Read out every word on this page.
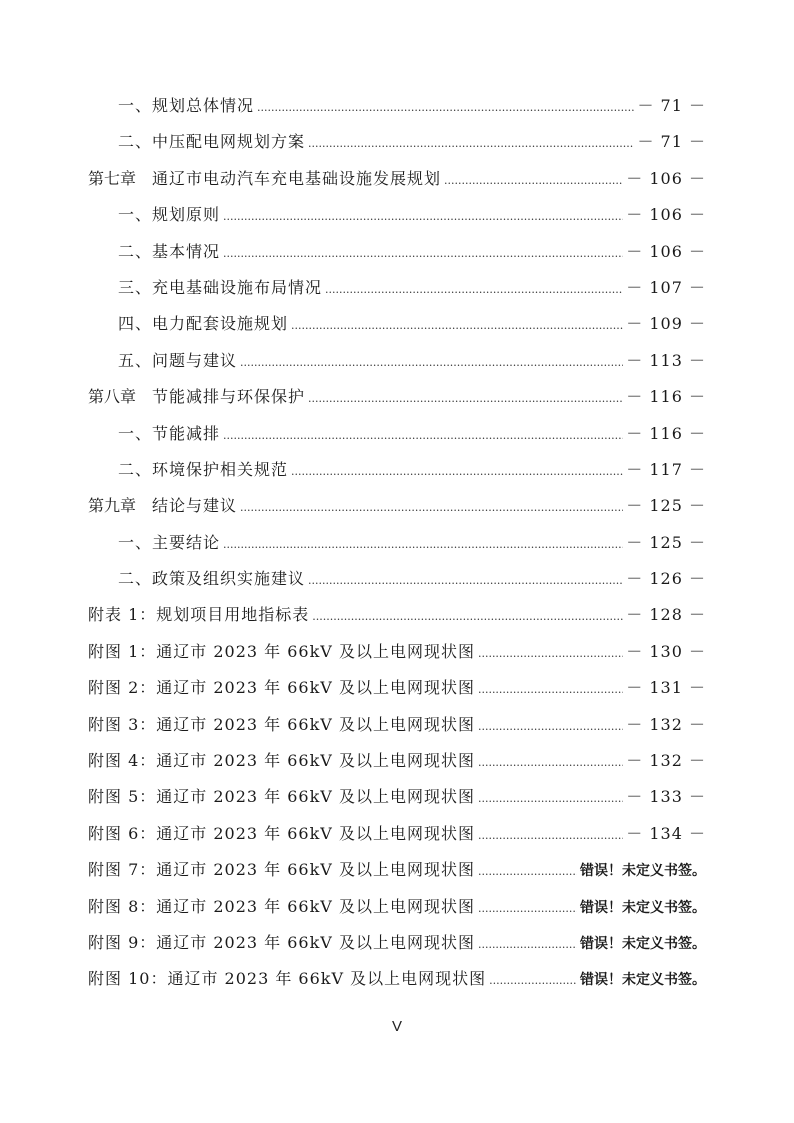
一、规划总体情况 .....	－ 71 －
二、中压配电网规划方案 .....	－ 71 －
第七章 通辽市电动汽车充电基础设施发展规划 .....	－ 106 －
一、规划原则 .....	－ 106 －
二、基本情况 .....	－ 106 －
三、充电基础设施布局情况 .....	－ 107 －
四、电力配套设施规划 .....	－ 109 －
五、问题与建议 .....	－ 113 －
第八章 节能减排与环保保护 .....	－ 116 －
一、节能减排 .....	－ 116 －
二、环境保护相关规范 .....	－ 117 －
第九章 结论与建议 .....	－ 125 －
一、主要结论 .....	－ 125 －
二、政策及组织实施建议 .....	－ 126 －
附表 1：规划项目用地指标表 .....	－ 128 －
附图 1：通辽市 2023 年 66kV 及以上电网现状图 .....	－ 130 －
附图 2：通辽市 2023 年 66kV 及以上电网现状图 .....	－ 131 －
附图 3：通辽市 2023 年 66kV 及以上电网现状图 .....	－ 132 －
附图 4：通辽市 2023 年 66kV 及以上电网现状图 .....	－ 132 －
附图 5：通辽市 2023 年 66kV 及以上电网现状图 .....	－ 133 －
附图 6：通辽市 2023 年 66kV 及以上电网现状图 .....	－ 134 －
附图 7：通辽市 2023 年 66kV 及以上电网现状图 .....	错误！未定义书签。
附图 8：通辽市 2023 年 66kV 及以上电网现状图 .....	错误！未定义书签。
附图 9：通辽市 2023 年 66kV 及以上电网现状图 .....	错误！未定义书签。
附图 10：通辽市 2023 年 66kV 及以上电网现状图 .....	错误！未定义书签。
V
